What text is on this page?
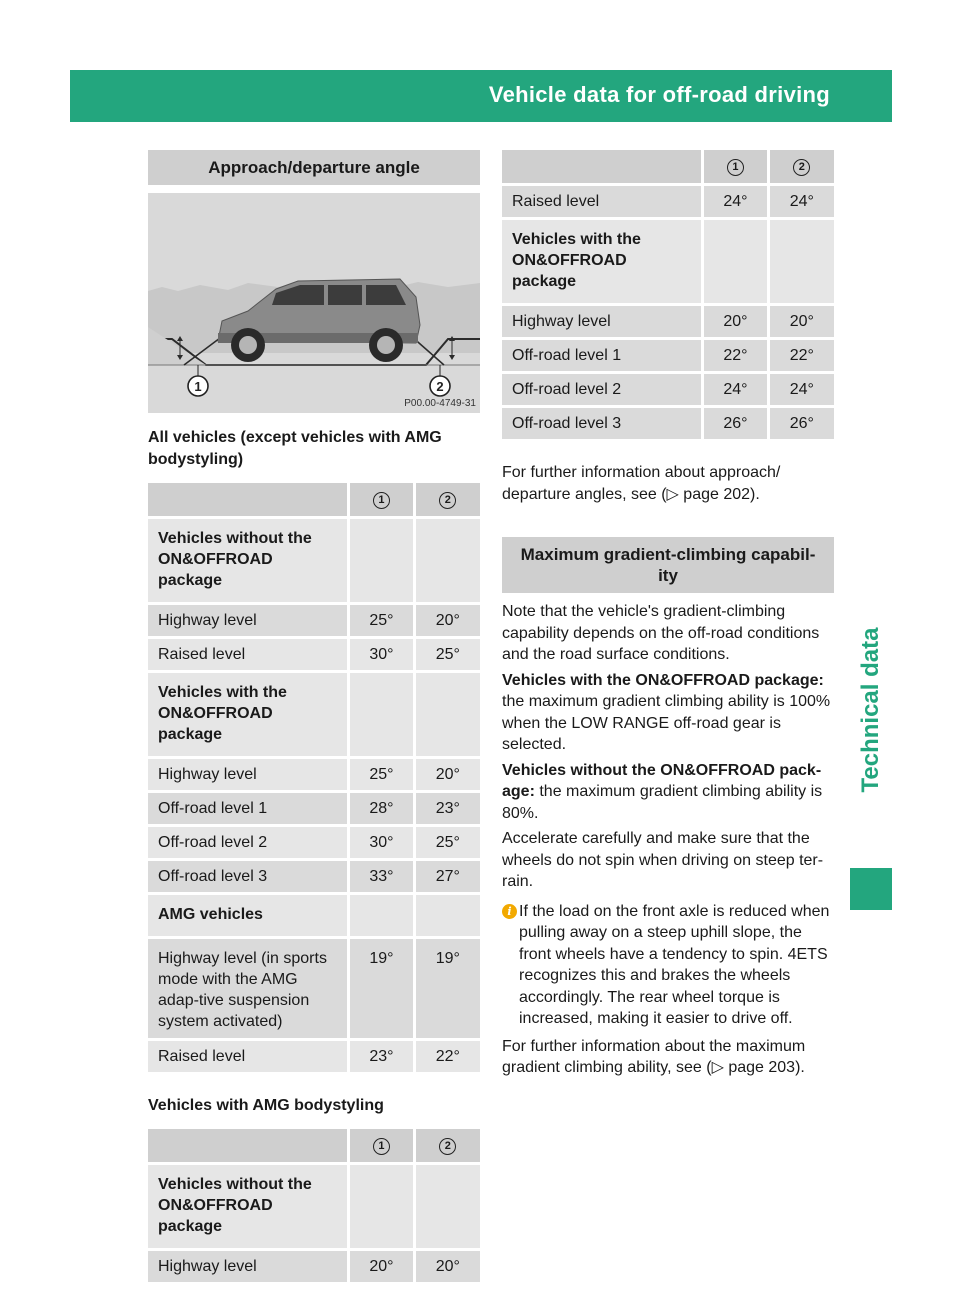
Vehicle data for off-road driving	457
Technical data
Approach/departure angle
1	2
P00.00-4749-31
All vehicles (except vehicles with AMG bodystyling)
	1	2
Vehicles without the ON&OFFROAD package		
Highway level	25°	20°
Raised level	30°	25°
Vehicles with the ON&OFFROAD package		
Highway level	25°	20°
Off-road level 1	28°	23°
Off-road level 2	30°	25°
Off-road level 3	33°	27°
AMG vehicles		
Highway level (in sports mode with the AMG adap-tive suspension system activated)	19°	19°
Raised level	23°	22°
Vehicles with AMG bodystyling
	1	2
Vehicles without the ON&OFFROAD package		
Highway level	20°	20°
	1	2
Raised level	24°	24°
Vehicles with the ON&OFFROAD package		
Highway level	20°	20°
Off-road level 1	22°	22°
Off-road level 2	24°	24°
Off-road level 3	26°	26°
For further information about approach/ departure angles, see (▷ page 202).
Maximum gradient-climbing capabil-ity
Note that the vehicle's gradient-climbing capability depends on the off-road conditions and the road surface conditions.
Vehicles with the ON&OFFROAD package: the maximum gradient climbing ability is 100% when the LOW RANGE off-road gear is selected.
Vehicles without the ON&OFFROAD pack-age: the maximum gradient climbing ability is 80%.
Accelerate carefully and make sure that the wheels do not spin when driving on steep ter-rain.
i If the load on the front axle is reduced when pulling away on a steep uphill slope, the front wheels have a tendency to spin. 4ETS recognizes this and brakes the wheels accordingly. The rear wheel torque is increased, making it easier to drive off.
For further information about the maximum gradient climbing ability, see (▷ page 203).
